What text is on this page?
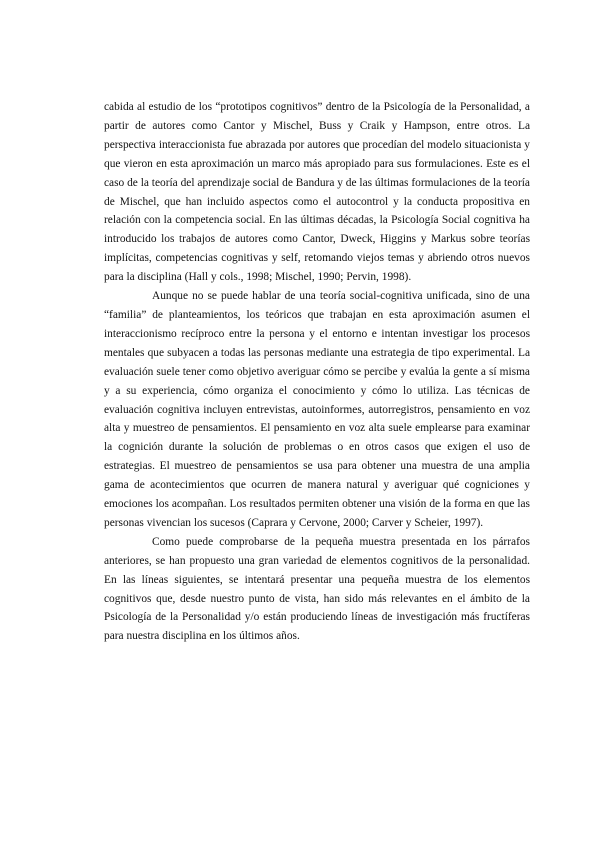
cabida al estudio de los “prototipos cognitivos” dentro de la Psicología de la Personalidad, a partir de autores como Cantor y Mischel, Buss y Craik y Hampson, entre otros. La perspectiva interaccionista fue abrazada por autores que procedían del modelo situacionista y que vieron en esta aproximación un marco más apropiado para sus formulaciones. Este es el caso de la teoría del aprendizaje social de Bandura y de las últimas formulaciones de la teoría de Mischel, que han incluido aspectos como el autocontrol y la conducta propositiva en relación con la competencia social. En las últimas décadas, la Psicología Social cognitiva ha introducido los trabajos de autores como Cantor, Dweck, Higgins y Markus sobre teorías implícitas, competencias cognitivas y self, retomando viejos temas y abriendo otros nuevos para la disciplina (Hall y cols., 1998; Mischel, 1990; Pervin, 1998).

Aunque no se puede hablar de una teoría social-cognitiva unificada, sino de una “familia” de planteamientos, los teóricos que trabajan en esta aproximación asumen el interaccionismo recíproco entre la persona y el entorno e intentan investigar los procesos mentales que subyacen a todas las personas mediante una estrategia de tipo experimental. La evaluación suele tener como objetivo averiguar cómo se percibe y evalúa la gente a sí misma y a su experiencia, cómo organiza el conocimiento y cómo lo utiliza. Las técnicas de evaluación cognitiva incluyen entrevistas, autoinformes, autorregistros, pensamiento en voz alta y muestreo de pensamientos. El pensamiento en voz alta suele emplearse para examinar la cognición durante la solución de problemas o en otros casos que exigen el uso de estrategias. El muestreo de pensamientos se usa para obtener una muestra de una amplia gama de acontecimientos que ocurren de manera natural y averiguar qué cogniciones y emociones los acompañan. Los resultados permiten obtener una visión de la forma en que las personas vivencian los sucesos (Caprara y Cervone, 2000; Carver y Scheier, 1997).

Como puede comprobarse de la pequeña muestra presentada en los párrafos anteriores, se han propuesto una gran variedad de elementos cognitivos de la personalidad. En las líneas siguientes, se intentará presentar una pequeña muestra de los elementos cognitivos que, desde nuestro punto de vista, han sido más relevantes en el ámbito de la Psicología de la Personalidad y/o están produciendo líneas de investigación más fructíferas para nuestra disciplina en los últimos años.
